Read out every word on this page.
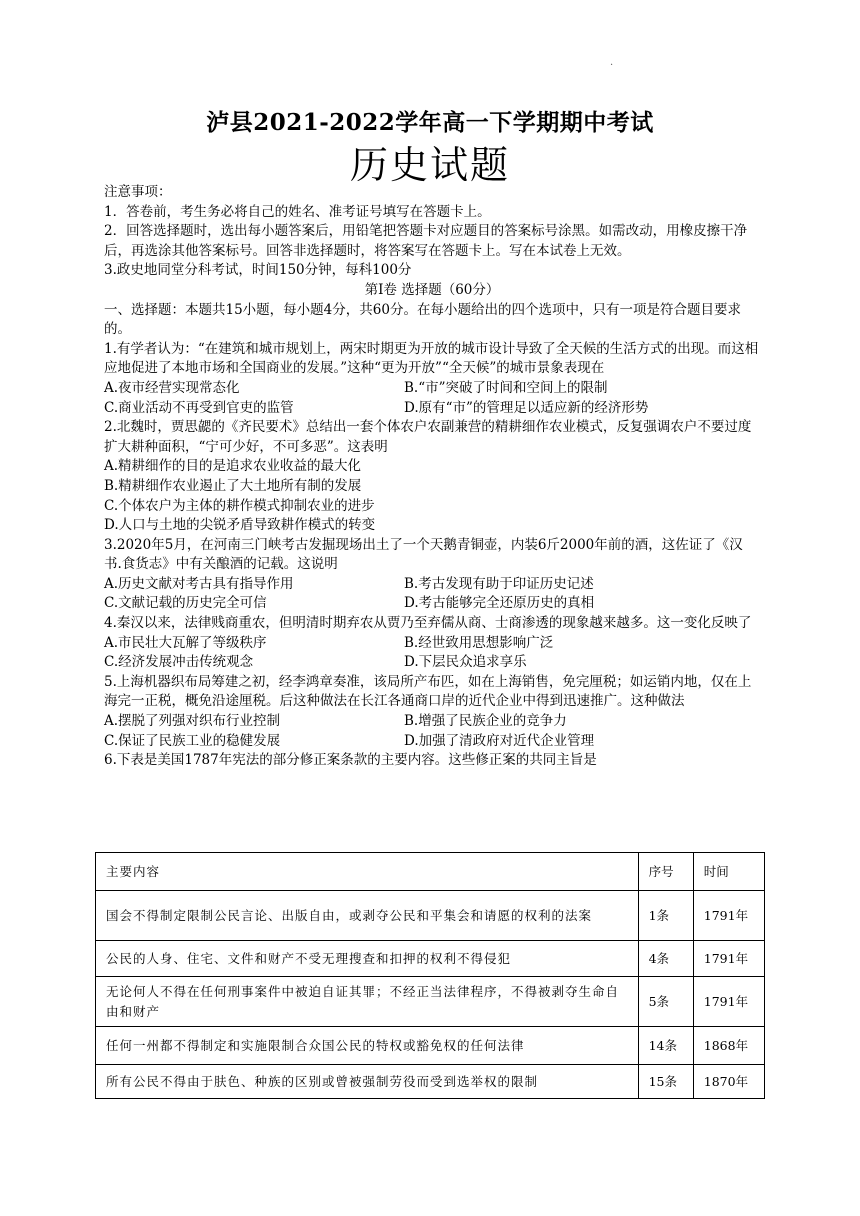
·
泸县2021-2022学年高一下学期期中考试
历史试题

注意事项：

1．答卷前，考生务必将自己的姓名、准考证号填写在答题卡上。

2．回答选择题时，选出每小题答案后，用铅笔把答题卡对应题目的答案标号涂黑。如需改动，用橡皮擦干净后，再选涂其他答案标号。回答非选择题时，将答案写在答题卡上。写在本试卷上无效。

3.政史地同堂分科考试，时间150分钟，每科100分

第Ⅰ卷 选择题（60分）

一、选择题：本题共15小题，每小题4分，共60分。在每小题给出的四个选项中，只有一项是符合题目要求的。

1.有学者认为：“在建筑和城市规划上，两宋时期更为开放的城市设计导致了全天候的生活方式的出现。而这相应地促进了本地市场和全国商业的发展。”这种“更为开放”“全天候”的城市景象表现在

A.夜市经营实现常态化	B.“市”突破了时间和空间上的限制
C.商业活动不再受到官吏的监管	D.原有“市”的管理足以适应新的经济形势

2.北魏时，贾思勰的《齐民要术》总结出一套个体农户农副兼营的精耕细作农业模式，反复强调农户不要过度扩大耕种面积，“宁可少好，不可多恶”。这表明

A.精耕细作的目的是追求农业收益的最大化

B.精耕细作农业遏止了大土地所有制的发展

C.个体农户为主体的耕作模式抑制农业的进步

D.人口与土地的尖锐矛盾导致耕作模式的转变

3.2020年5月，在河南三门峡考古发掘现场出土了一个天鹅青铜壶，内装6斤2000年前的酒，这佐证了《汉书.食货志》中有关酿酒的记载。这说明

A.历史文献对考古具有指导作用	B.考古发现有助于印证历史记述
C.文献记载的历史完全可信	D.考古能够完全还原历史的真相

4.秦汉以来，法律贱商重农，但明清时期弃农从贾乃至弃儒从商、士商渗透的现象越来越多。这一变化反映了

A.市民壮大瓦解了等级秩序	B.经世致用思想影响广泛
C.经济发展冲击传统观念	D.下层民众追求享乐

5.上海机器织布局筹建之初，经李鸿章奏准，该局所产布匹，如在上海销售，免完厘税；如运销内地，仅在上海完一正税，概免沿途厘税。后这种做法在长江各通商口岸的近代企业中得到迅速推广。这种做法

A.摆脱了列强对织布行业控制	B.增强了民族企业的竞争力
C.保证了民族工业的稳健发展	D.加强了清政府对近代企业管理

6.下表是美国1787年宪法的部分修正案条款的主要内容。这些修正案的共同主旨是

主要内容	序号	时间
国会不得制定限制公民言论、出版自由，或剥夺公民和平集会和请愿的权利的法案	1条	1791年
公民的人身、住宅、文件和财产不受无理搜查和扣押的权利不得侵犯	4条	1791年
无论何人不得在任何刑事案件中被迫自证其罪；不经正当法律程序，不得被剥夺生命自由和财产	5条	1791年
任何一州都不得制定和实施限制合众国公民的特权或豁免权的任何法律	14条	1868年
所有公民不得由于肤色、种族的区别或曾被强制劳役而受到选举权的限制	15条	1870年
